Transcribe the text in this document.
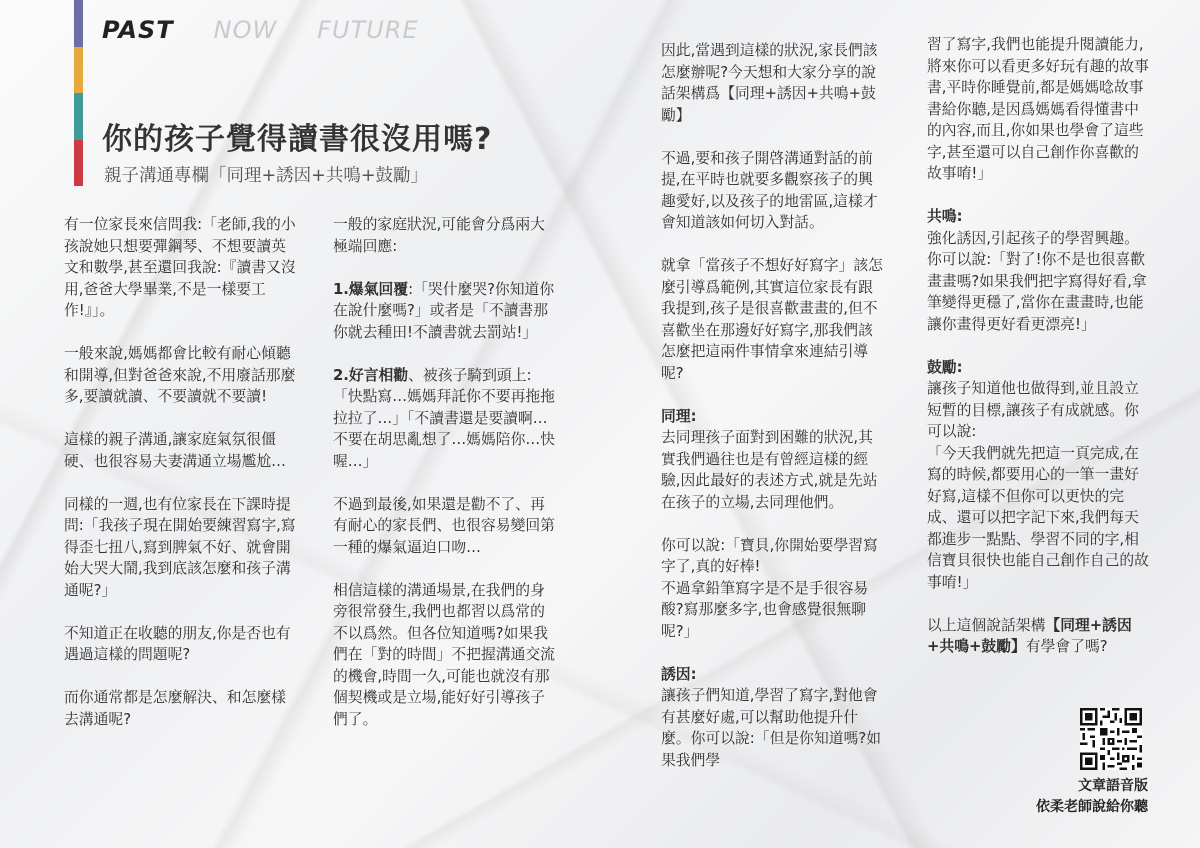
PAST NOW FUTURE
你的孩子覺得讀書很沒用嗎?
親子溝通專欄「同理+誘因+共鳴+鼓勵」

有一位家長來信問我:「老師,我的小孩說她只想要彈鋼琴、不想要讀英文和數學,甚至還回我說:『讀書又沒用,爸爸大學畢業,不是一樣要工作!』」。

一般來說,媽媽都會比較有耐心傾聽和開導,但對爸爸來說,不用廢話那麼多,要讀就讀、不要讀就不要讀!

這樣的親子溝通,讓家庭氣氛很僵硬、也很容易夫妻溝通立場尷尬…

同樣的一週,也有位家長在下課時提問:「我孩子現在開始要練習寫字,寫得歪七扭八,寫到脾氣不好、就會開始大哭大鬧,我到底該怎麼和孩子溝通呢?」

不知道正在收聽的朋友,你是否也有遇過這樣的問題呢?

而你通常都是怎麼解決、和怎麼樣去溝通呢?

一般的家庭狀況,可能會分爲兩大極端回應:

1.爆氣回覆:「哭什麼哭?你知道你在說什麼嗎?」或者是「不讀書那你就去種田!不讀書就去罰站!」

2.好言相勸、被孩子騎到頭上:「快點寫…媽媽拜託你不要再拖拖拉拉了…」「不讀書還是要讀啊…不要在胡思亂想了…媽媽陪你…快喔…」

不過到最後,如果還是勸不了、再有耐心的家長們、也很容易變回第一種的爆氣逼迫口吻…

相信這樣的溝通場景,在我們的身旁很常發生,我們也都習以爲常的不以爲然。但各位知道嗎?如果我們在「對的時間」不把握溝通交流的機會,時間一久,可能也就沒有那個契機或是立場,能好好引導孩子們了。

因此,當遇到這樣的狀況,家長們該怎麼辦呢?今天想和大家分享的說話架構爲【同理+誘因+共鳴+鼓勵】

不過,要和孩子開啓溝通對話的前提,在平時也就要多觀察孩子的興趣愛好,以及孩子的地雷區,這樣才會知道該如何切入對話。

就拿「當孩子不想好好寫字」該怎麼引導爲範例,其實這位家長有跟我提到,孩子是很喜歡畫畫的,但不喜歡坐在那邊好好寫字,那我們該怎麼把這兩件事情拿來連結引導呢?

同理:
去同理孩子面對到困難的狀況,其實我們過往也是有曾經這樣的經驗,因此最好的表述方式,就是先站在孩子的立場,去同理他們。

你可以說:「寶貝,你開始要學習寫字了,真的好棒!
不過拿鉛筆寫字是不是手很容易酸?寫那麼多字,也會感覺很無聊呢?」

誘因:
讓孩子們知道,學習了寫字,對他會有甚麼好處,可以幫助他提升什麼。你可以說:「但是你知道嗎?如果我們學

習了寫字,我們也能提升閱讀能力,將來你可以看更多好玩有趣的故事書,平時你睡覺前,都是媽媽唸故事書給你聽,是因爲媽媽看得懂書中的內容,而且,你如果也學會了這些字,甚至還可以自己創作你喜歡的故事唷!」

共鳴:
強化誘因,引起孩子的學習興趣。你可以說:「對了!你不是也很喜歡畫畫嗎?如果我們把字寫得好看,拿筆變得更穩了,當你在畫畫時,也能讓你畫得更好看更漂亮!」

鼓勵:
讓孩子知道他也做得到,並且設立短暫的目標,讓孩子有成就感。你可以說:
「今天我們就先把這一頁完成,在寫的時候,都要用心的一筆一畫好好寫,這樣不但你可以更快的完成、還可以把字記下來,我們每天都進步一點點、學習不同的字,相信寶貝很快也能自己創作自己的故事唷!」

以上這個說話架構【同理+誘因+共鳴+鼓勵】有學會了嗎?

文章語音版
依柔老師說給你聽
